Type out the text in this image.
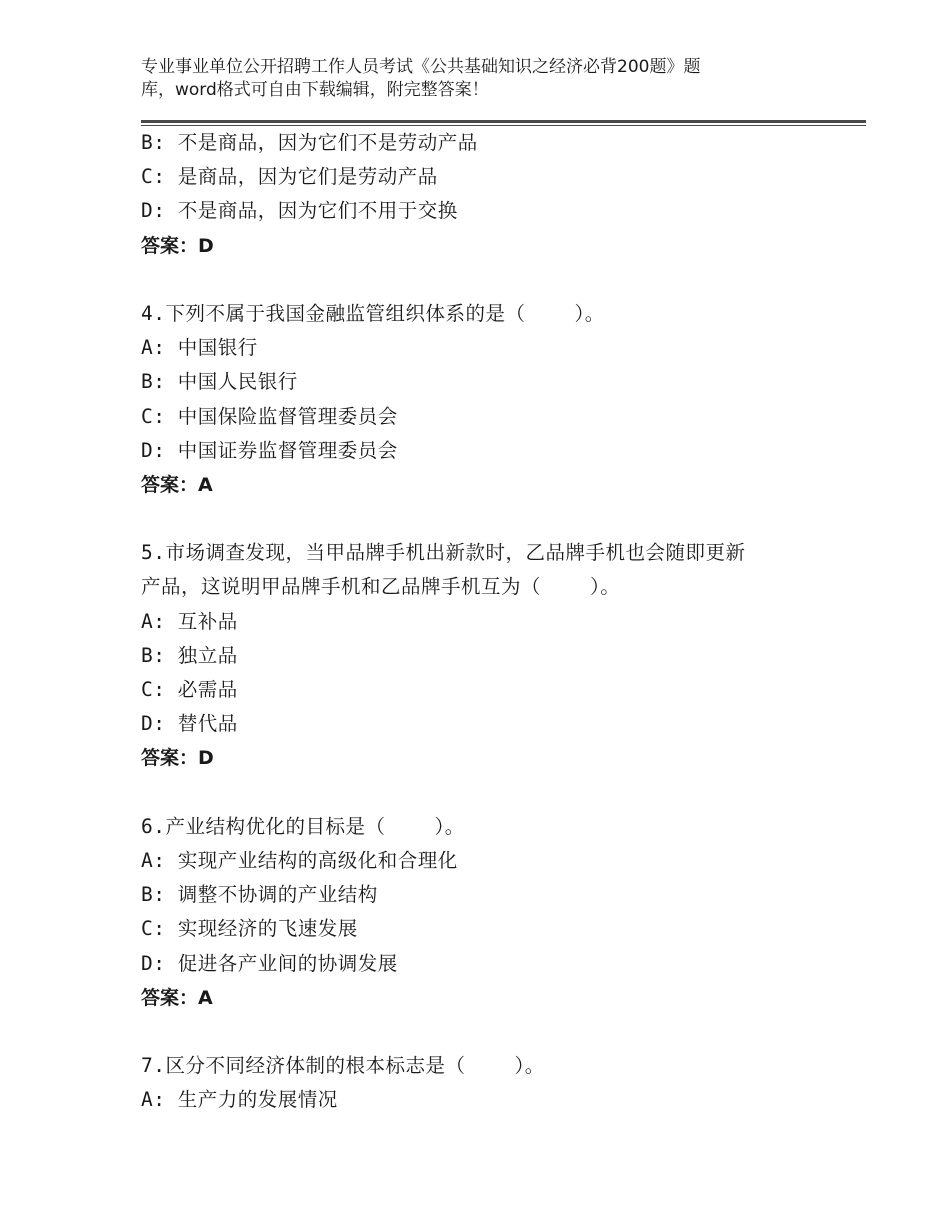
专业事业单位公开招聘工作人员考试《公共基础知识之经济必背200题》题
库，word格式可自由下载编辑，附完整答案！
B: 不是商品，因为它们不是劳动产品
C: 是商品，因为它们是劳动产品
D: 不是商品，因为它们不用于交换
答案：D
4.下列不属于我国金融监管组织体系的是（    ）。
A: 中国银行
B: 中国人民银行
C: 中国保险监督管理委员会
D: 中国证券监督管理委员会
答案：A
5.市场调查发现，当甲品牌手机出新款时，乙品牌手机也会随即更新
产品，这说明甲品牌手机和乙品牌手机互为（    ）。
A: 互补品
B: 独立品
C: 必需品
D: 替代品
答案：D
6.产业结构优化的目标是（    ）。
A: 实现产业结构的高级化和合理化
B: 调整不协调的产业结构
C: 实现经济的飞速发展
D: 促进各产业间的协调发展
答案：A
7.区分不同经济体制的根本标志是（    ）。
A: 生产力的发展情况
